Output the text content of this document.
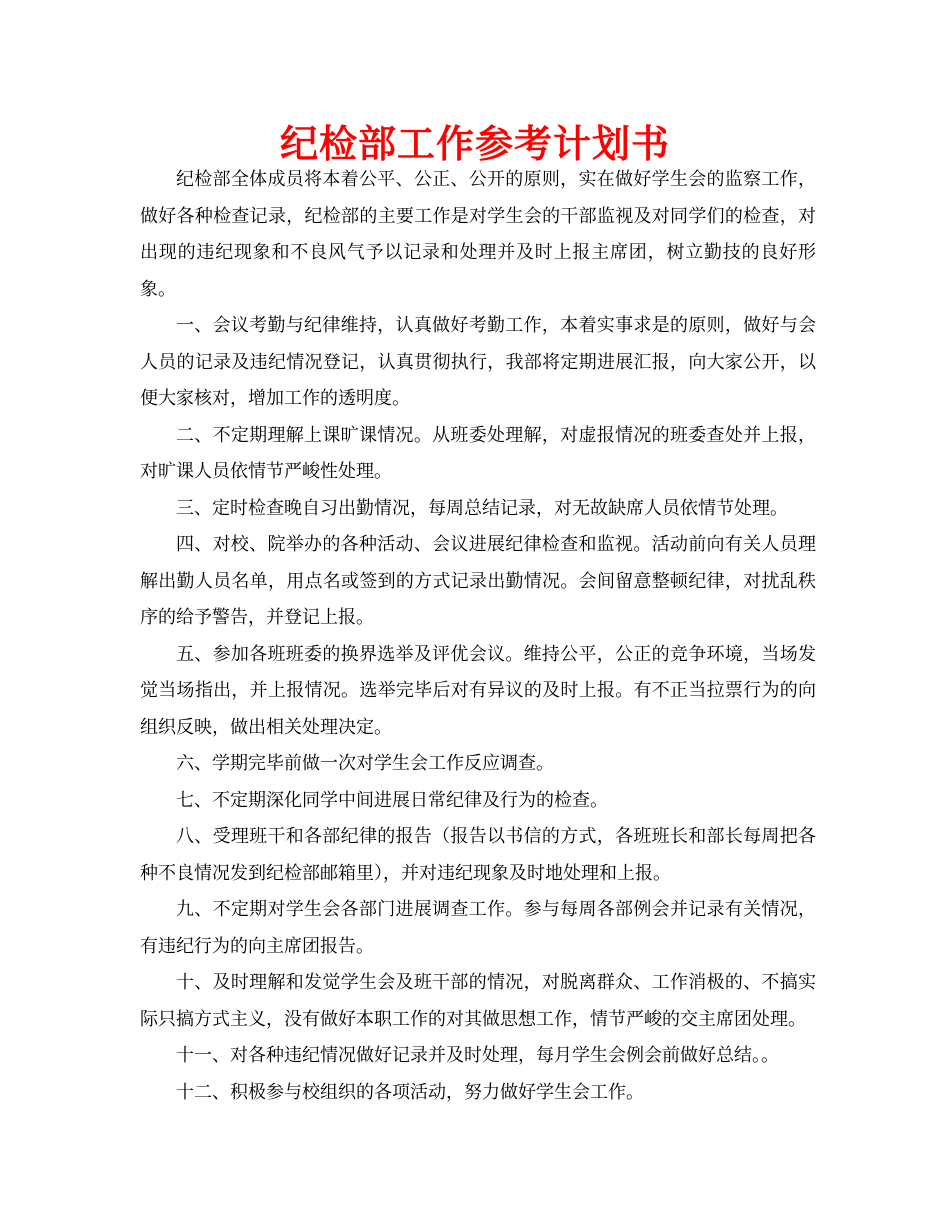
纪检部工作参考计划书

纪检部全体成员将本着公平、公正、公开的原则，实在做好学生会的监察工作，做好各种检查记录，纪检部的主要工作是对学生会的干部监视及对同学们的检查，对出现的违纪现象和不良风气予以记录和处理并及时上报主席团，树立勤技的良好形象。

一、会议考勤与纪律维持，认真做好考勤工作，本着实事求是的原则，做好与会人员的记录及违纪情况登记，认真贯彻执行，我部将定期进展汇报，向大家公开，以便大家核对，增加工作的透明度。

二、不定期理解上课旷课情况。从班委处理解，对虚报情况的班委查处并上报，对旷课人员依情节严峻性处理。

三、定时检查晚自习出勤情况，每周总结记录，对无故缺席人员依情节处理。

四、对校、院举办的各种活动、会议进展纪律检查和监视。活动前向有关人员理解出勤人员名单，用点名或签到的方式记录出勤情况。会间留意整顿纪律，对扰乱秩序的给予警告，并登记上报。

五、参加各班班委的换界选举及评优会议。维持公平，公正的竞争环境，当场发觉当场指出，并上报情况。选举完毕后对有异议的及时上报。有不正当拉票行为的向组织反映，做出相关处理决定。

六、学期完毕前做一次对学生会工作反应调查。

七、不定期深化同学中间进展日常纪律及行为的检查。

八、受理班干和各部纪律的报告（报告以书信的方式，各班班长和部长每周把各种不良情况发到纪检部邮箱里），并对违纪现象及时地处理和上报。

九、不定期对学生会各部门进展调查工作。参与每周各部例会并记录有关情况，有违纪行为的向主席团报告。

十、及时理解和发觉学生会及班干部的情况，对脱离群众、工作消极的、不搞实际只搞方式主义，没有做好本职工作的对其做思想工作，情节严峻的交主席团处理。

十一、对各种违纪情况做好记录并及时处理，每月学生会例会前做好总结。。

十二、积极参与校组织的各项活动，努力做好学生会工作。
